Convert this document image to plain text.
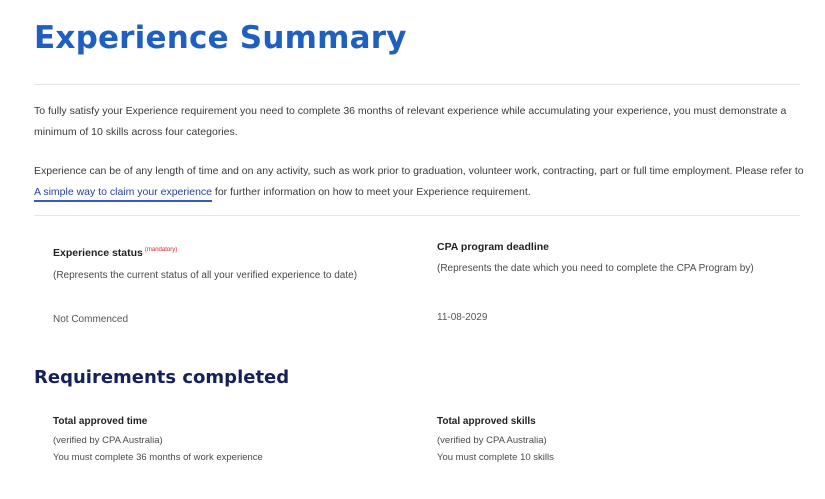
Experience Summary

To fully satisfy your Experience requirement you need to complete 36 months of relevant experience while accumulating your experience, you must demonstrate a minimum of 10 skills across four categories.

Experience can be of any length of time and on any activity, such as work prior to graduation, volunteer work, contracting, part or full time employment. Please refer to A simple way to claim your experience for further information on how to meet your Experience requirement.

Experience status $^{(mandatory)}$
(Represents the current status of all your verified experience to date)
Not Commenced
CPA program deadline
(Represents the date which you need to complete the CPA Program by)
11-08-2029
Requirements completed
Total approved time
(verified by CPA Australia)
You must complete 36 months of work experience
Total approved skills
(verified by CPA Australia)
You must complete 10 skills
